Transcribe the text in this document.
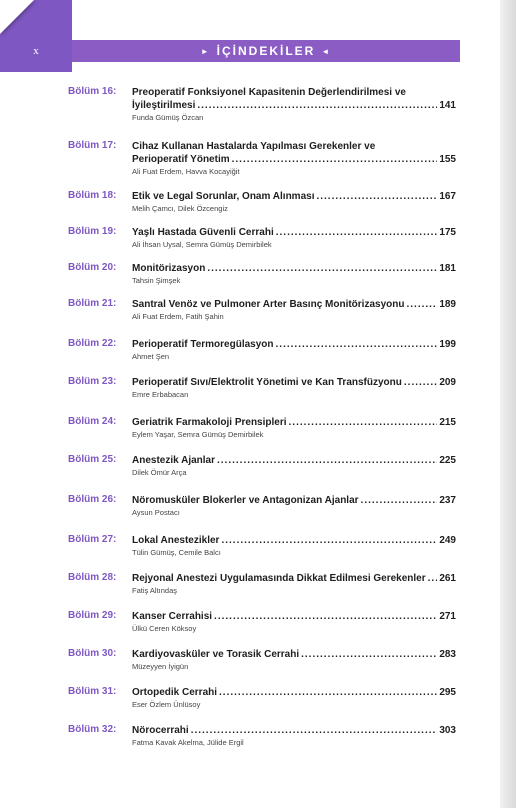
x	► İÇİNDEKİLER ◄
Bölüm 16:	Preoperatif Fonksiyonel Kapasitenin Değerlendirilmesi ve
İyileştirilmesi .....	141
Funda Gümüş Özcan
Bölüm 17:	Cihaz Kullanan Hastalarda Yapılması Gerekenler ve
Perioperatif Yönetim .....	155
Ali Fuat Erdem, Havva Kocayiğit
Bölüm 18:	Etik ve Legal Sorunlar, Onam Alınması .....	167
Melih Çamcı, Dilek Özcengiz
Bölüm 19:	Yaşlı Hastada Güvenli Cerrahi .....	175
Ali İhsan Uysal, Semra Gümüş Demirbilek
Bölüm 20:	Monitörizasyon .....	181
Tahsin Şimşek
Bölüm 21:	Santral Venöz ve Pulmoner Arter Basınç Monitörizasyonu .....	189
Ali Fuat Erdem, Fatih Şahin
Bölüm 22:	Perioperatif Termoregülasyon .....	199
Ahmet Şen
Bölüm 23:	Perioperatif Sıvı/Elektrolit Yönetimi ve Kan Transfüzyonu .....	209
Emre Erbabacan
Bölüm 24:	Geriatrik Farmakoloji Prensipleri .....	215
Eylem Yaşar, Semra Gümüş Demirbilek
Bölüm 25:	Anestezik Ajanlar .....	225
Dilek Ömür Arça
Bölüm 26:	Nöromusküler Blokerler ve Antagonizan Ajanlar .....	237
Aysun Postacı
Bölüm 27:	Lokal Anestezikler .....	249
Tülin Gümüş, Cemile Balcı
Bölüm 28:	Rejyonal Anestezi Uygulamasında Dikkat Edilmesi Gerekenler ..... 261
Fatiş Altındaş
Bölüm 29:	Kanser Cerrahisi .....	271
Ülkü Ceren Köksoy
Bölüm 30:	Kardiyovasküler ve Torasik Cerrahi .....	283
Müzeyyen İyigün
Bölüm 31:	Ortopedik Cerrahi .....	295
Eser Özlem Ünlüsoy
Bölüm 32:	Nörocerrahi .....	303
Fatma Kavak Akelma, Jülide Ergil
